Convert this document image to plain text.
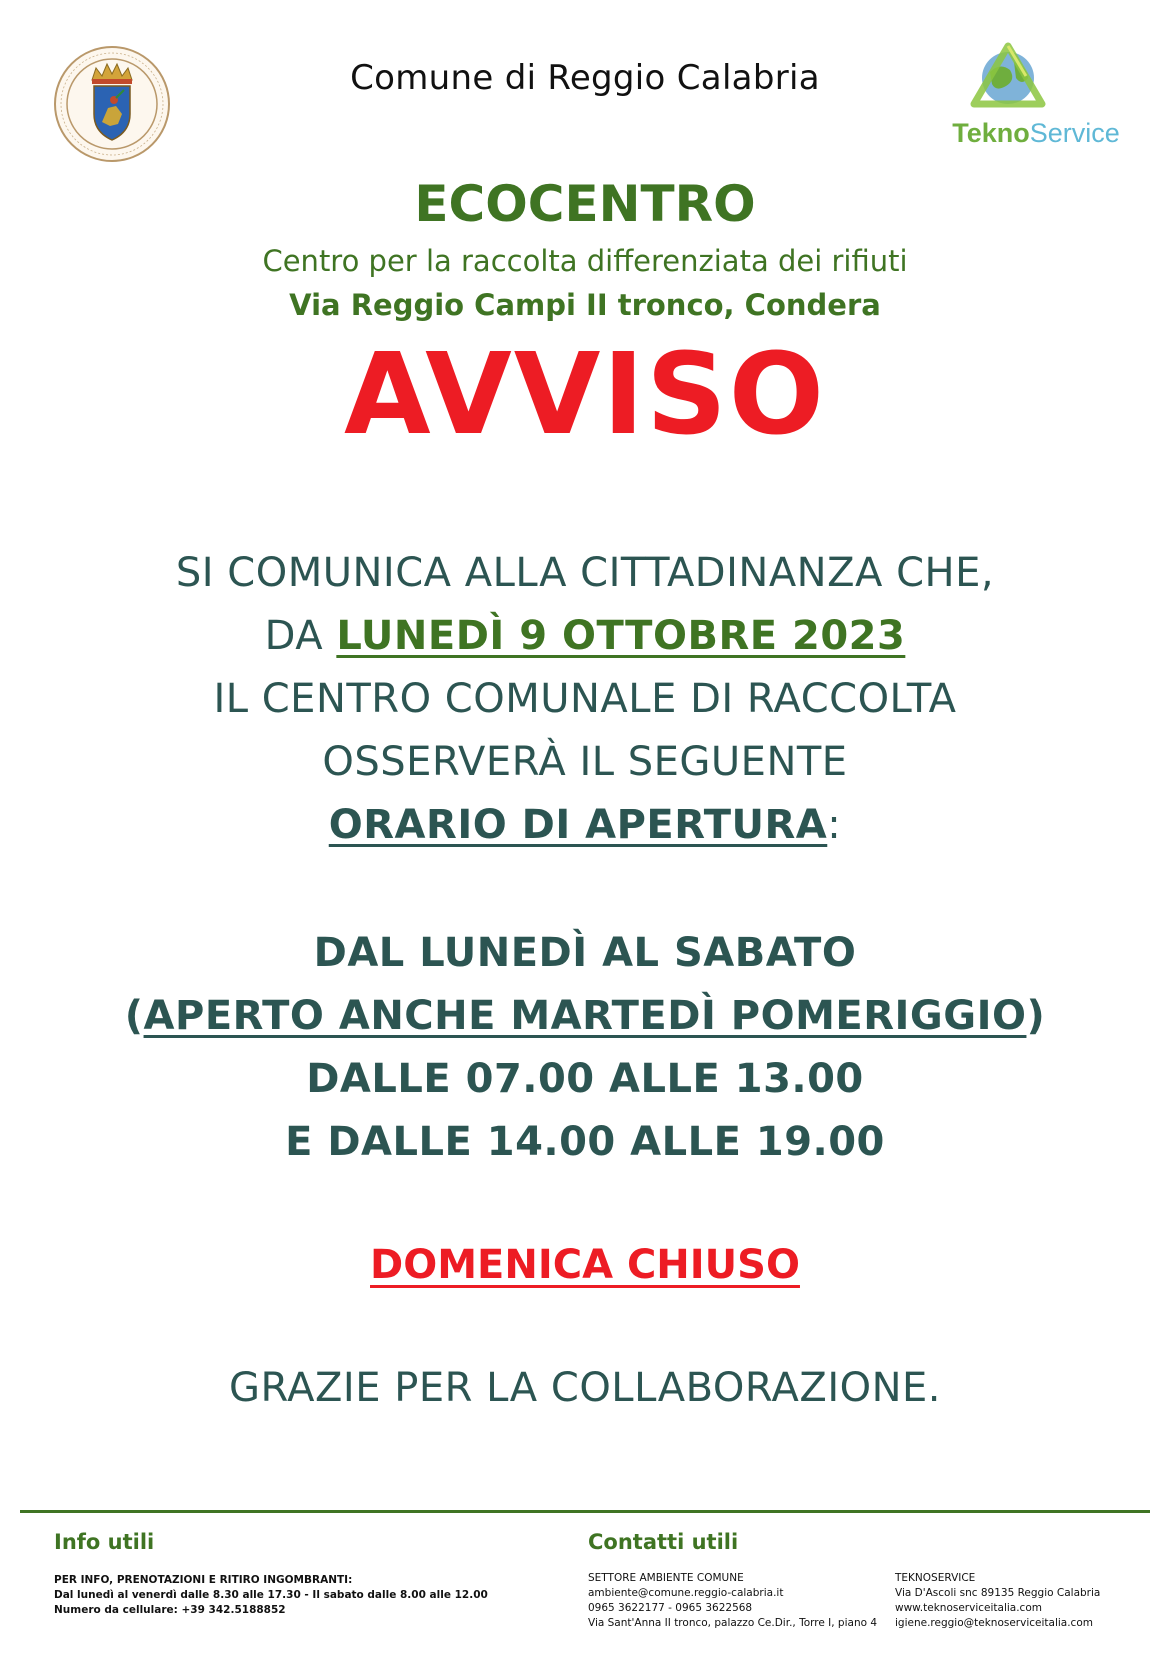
TeknoService
Comune di Reggio Calabria
ECOCENTRO
Centro per la raccolta differenziata dei rifiuti
Via Reggio Campi II tronco, Condera
AVVISO
SI COMUNICA ALLA CITTADINANZA CHE,
DA LUNEDÌ 9 OTTOBRE 2023
IL CENTRO COMUNALE DI RACCOLTA
OSSERVERÀ IL SEGUENTE
ORARIO DI APERTURA:
DAL LUNEDÌ AL SABATO
(APERTO ANCHE MARTEDÌ POMERIGGIO)
DALLE 07.00 ALLE 13.00
E DALLE 14.00 ALLE 19.00
DOMENICA CHIUSO
GRAZIE PER LA COLLABORAZIONE.
Info utili
PER INFO, PRENOTAZIONI E RITIRO INGOMBRANTI:
Dal lunedì al venerdì dalle 8.30 alle 17.30 - Il sabato dalle 8.00 alle 12.00
Numero da cellulare: +39 342.5188852
Contatti utili
SETTORE AMBIENTE COMUNE
ambiente@comune.reggio-calabria.it
0965 3622177 - 0965 3622568
Via Sant'Anna II tronco, palazzo Ce.Dir., Torre I, piano 4
TEKNOSERVICE
Via D'Ascoli snc 89135 Reggio Calabria
www.teknoserviceitalia.com
igiene.reggio@teknoserviceitalia.com
